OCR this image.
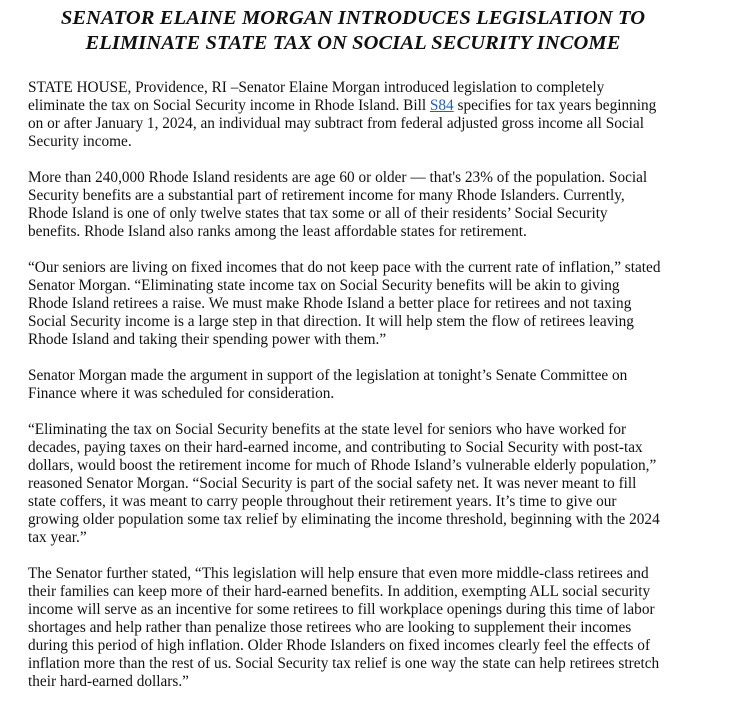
SENATOR ELAINE MORGAN INTRODUCES LEGISLATION TO
ELIMINATE STATE TAX ON SOCIAL SECURITY INCOME

STATE HOUSE, Providence, RI –Senator Elaine Morgan introduced legislation to completely
eliminate the tax on Social Security income in Rhode Island. Bill S84 specifies for tax years beginning
on or after January 1, 2024, an individual may subtract from federal adjusted gross income all Social
Security income.

More than 240,000 Rhode Island residents are age 60 or older — that's 23% of the population. Social
Security benefits are a substantial part of retirement income for many Rhode Islanders. Currently,
Rhode Island is one of only twelve states that tax some or all of their residents’ Social Security
benefits. Rhode Island also ranks among the least affordable states for retirement.

“Our seniors are living on fixed incomes that do not keep pace with the current rate of inflation,” stated
Senator Morgan. “Eliminating state income tax on Social Security benefits will be akin to giving
Rhode Island retirees a raise. We must make Rhode Island a better place for retirees and not taxing
Social Security income is a large step in that direction. It will help stem the flow of retirees leaving
Rhode Island and taking their spending power with them.”

Senator Morgan made the argument in support of the legislation at tonight’s Senate Committee on
Finance where it was scheduled for consideration.

“Eliminating the tax on Social Security benefits at the state level for seniors who have worked for
decades, paying taxes on their hard-earned income, and contributing to Social Security with post-tax
dollars, would boost the retirement income for much of Rhode Island’s vulnerable elderly population,”
reasoned Senator Morgan. “Social Security is part of the social safety net. It was never meant to fill
state coffers, it was meant to carry people throughout their retirement years. It’s time to give our
growing older population some tax relief by eliminating the income threshold, beginning with the 2024
tax year.”

The Senator further stated, “This legislation will help ensure that even more middle-class retirees and
their families can keep more of their hard-earned benefits. In addition, exempting ALL social security
income will serve as an incentive for some retirees to fill workplace openings during this time of labor
shortages and help rather than penalize those retirees who are looking to supplement their incomes
during this period of high inflation. Older Rhode Islanders on fixed incomes clearly feel the effects of
inflation more than the rest of us. Social Security tax relief is one way the state can help retirees stretch
their hard-earned dollars.”
